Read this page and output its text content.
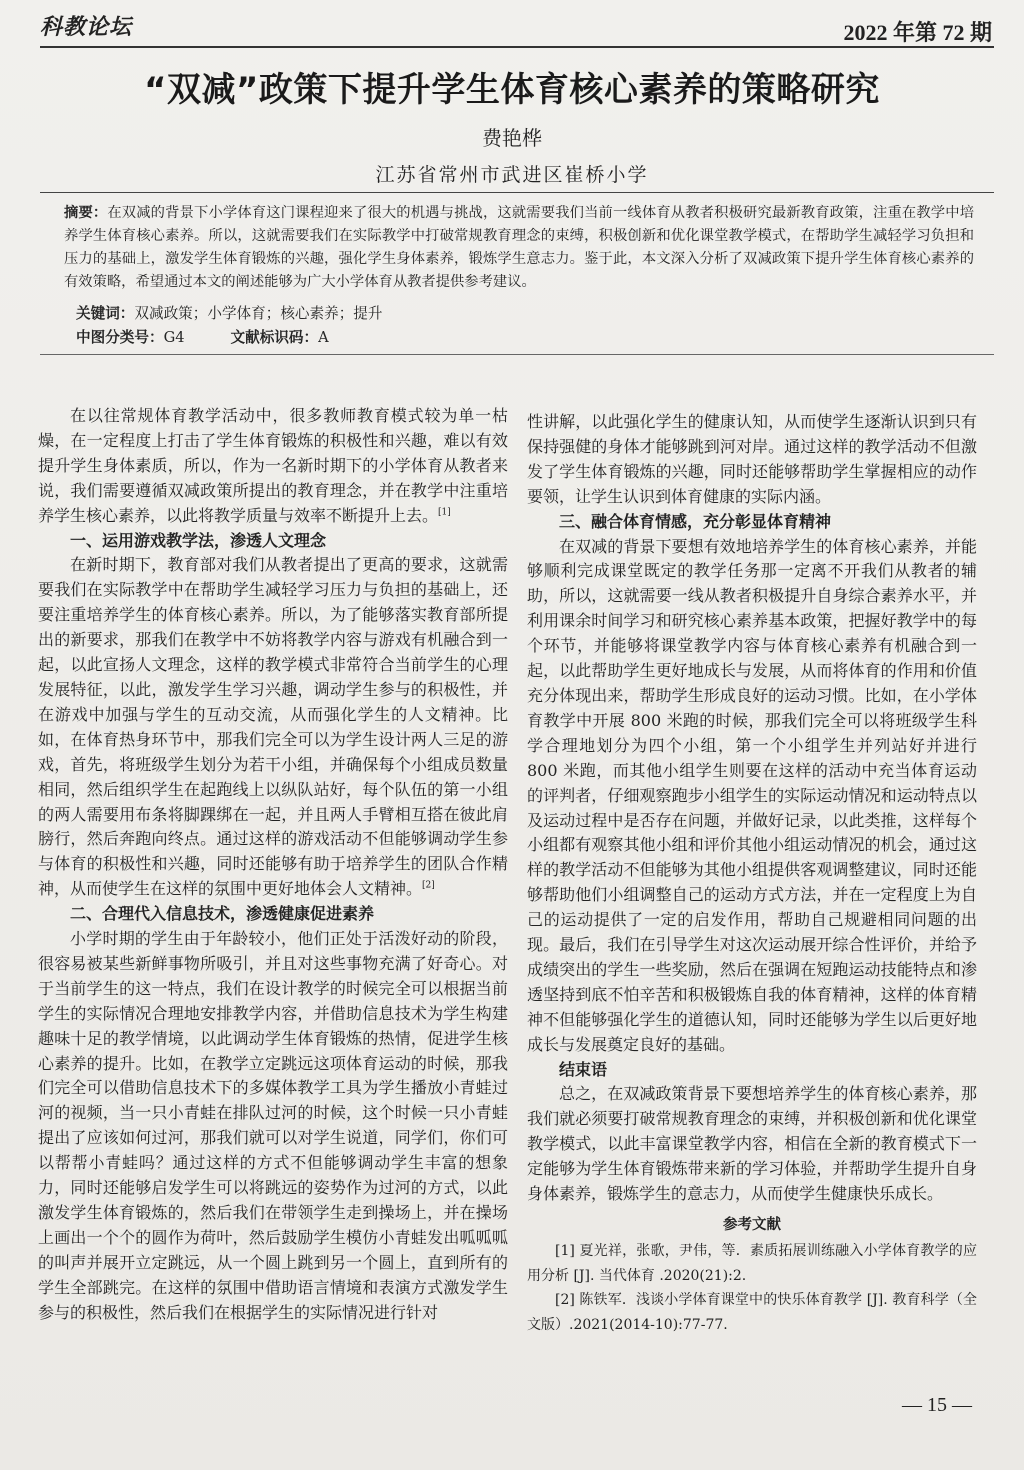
科教论坛	2022 年第 72 期
“双减”政策下提升学生体育核心素养的策略研究
费艳桦
江苏省常州市武进区崔桥小学
摘要：在双减的背景下小学体育这门课程迎来了很大的机遇与挑战，这就需要我们当前一线体育从教者积极研究最新教育政策，注重在教学中培养学生体育核心素养。所以，这就需要我们在实际教学中打破常规教育理念的束缚，积极创新和优化课堂教学模式，在帮助学生减轻学习负担和压力的基础上，激发学生体育锻炼的兴趣，强化学生身体素养，锻炼学生意志力。鉴于此，本文深入分析了双减政策下提升学生体育核心素养的有效策略，希望通过本文的阐述能够为广大小学体育从教者提供参考建议。
关键词：双减政策；小学体育；核心素养；提升
中图分类号：G4	文献标识码：A

在以往常规体育教学活动中，很多教师教育模式较为单一枯燥，在一定程度上打击了学生体育锻炼的积极性和兴趣，难以有效提升学生身体素质，所以，作为一名新时期下的小学体育从教者来说，我们需要遵循双减政策所提出的教育理念，并在教学中注重培养学生核心素养，以此将教学质量与效率不断提升上去。[1]

一、运用游戏教学法，渗透人文理念

在新时期下，教育部对我们从教者提出了更高的要求，这就需要我们在实际教学中在帮助学生减轻学习压力与负担的基础上，还要注重培养学生的体育核心素养。所以，为了能够落实教育部所提出的新要求，那我们在教学中不妨将教学内容与游戏有机融合到一起，以此宣扬人文理念，这样的教学模式非常符合当前学生的心理发展特征，以此，激发学生学习兴趣，调动学生参与的积极性，并在游戏中加强与学生的互动交流，从而强化学生的人文精神。比如，在体育热身环节中，那我们完全可以为学生设计两人三足的游戏，首先，将班级学生划分为若干小组，并确保每个小组成员数量相同，然后组织学生在起跑线上以纵队站好，每个队伍的第一小组的两人需要用布条将脚踝绑在一起，并且两人手臂相互搭在彼此肩膀行，然后奔跑向终点。通过这样的游戏活动不但能够调动学生参与体育的积极性和兴趣，同时还能够有助于培养学生的团队合作精神，从而使学生在这样的氛围中更好地体会人文精神。[2]

二、合理代入信息技术，渗透健康促进素养

小学时期的学生由于年龄较小，他们正处于活泼好动的阶段，很容易被某些新鲜事物所吸引，并且对这些事物充满了好奇心。对于当前学生的这一特点，我们在设计教学的时候完全可以根据当前学生的实际情况合理地安排教学内容，并借助信息技术为学生构建趣味十足的教学情境，以此调动学生体育锻炼的热情，促进学生核心素养的提升。比如，在教学立定跳远这项体育运动的时候，那我们完全可以借助信息技术下的多媒体教学工具为学生播放小青蛙过河的视频，当一只小青蛙在排队过河的时候，这个时候一只小青蛙提出了应该如何过河，那我们就可以对学生说道，同学们，你们可以帮帮小青蛙吗？通过这样的方式不但能够调动学生丰富的想象力，同时还能够启发学生可以将跳远的姿势作为过河的方式，以此激发学生体育锻炼的，然后我们在带领学生走到操场上，并在操场上画出一个个的圆作为荷叶，然后鼓励学生模仿小青蛙发出呱呱呱的叫声并展开立定跳远，从一个圆上跳到另一个圆上，直到所有的学生全部跳完。在这样的氛围中借助语言情境和表演方式激发学生参与的积极性，然后我们在根据学生的实际情况进行针对

性讲解，以此强化学生的健康认知，从而使学生逐渐认识到只有保持强健的身体才能够跳到河对岸。通过这样的教学活动不但激发了学生体育锻炼的兴趣，同时还能够帮助学生掌握相应的动作要领，让学生认识到体育健康的实际内涵。

三、融合体育情感，充分彰显体育精神

在双减的背景下要想有效地培养学生的体育核心素养，并能够顺利完成课堂既定的教学任务那一定离不开我们从教者的辅助，所以，这就需要一线从教者积极提升自身综合素养水平，并利用课余时间学习和研究核心素养基本政策，把握好教学中的每个环节，并能够将课堂教学内容与体育核心素养有机融合到一起，以此帮助学生更好地成长与发展，从而将体育的作用和价值充分体现出来，帮助学生形成良好的运动习惯。比如，在小学体育教学中开展 800 米跑的时候，那我们完全可以将班级学生科学合理地划分为四个小组，第一个小组学生并列站好并进行 800 米跑，而其他小组学生则要在这样的活动中充当体育运动的评判者，仔细观察跑步小组学生的实际运动情况和运动特点以及运动过程中是否存在问题，并做好记录，以此类推，这样每个小组都有观察其他小组和评价其他小组运动情况的机会，通过这样的教学活动不但能够为其他小组提供客观调整建议，同时还能够帮助他们小组调整自己的运动方式方法，并在一定程度上为自己的运动提供了一定的启发作用，帮助自己规避相同问题的出现。最后，我们在引导学生对这次运动展开综合性评价，并给予成绩突出的学生一些奖励，然后在强调在短跑运动技能特点和渗透坚持到底不怕辛苦和积极锻炼自我的体育精神，这样的体育精神不但能够强化学生的道德认知，同时还能够为学生以后更好地成长与发展奠定良好的基础。

结束语

总之，在双减政策背景下要想培养学生的体育核心素养，那我们就必须要打破常规教育理念的束缚，并积极创新和优化课堂教学模式，以此丰富课堂教学内容，相信在全新的教育模式下一定能够为学生体育锻炼带来新的学习体验，并帮助学生提升自身身体素养，锻炼学生的意志力，从而使学生健康快乐成长。

参考文献

[1] 夏光祥，张歌，尹伟，等．素质拓展训练融入小学体育教学的应用分析 [J]. 当代体育 .2020(21):2.

[2] 陈铁军．浅谈小学体育课堂中的快乐体育教学 [J]. 教育科学（全文版）.2021(2014-10):77-77.

— 15 —
